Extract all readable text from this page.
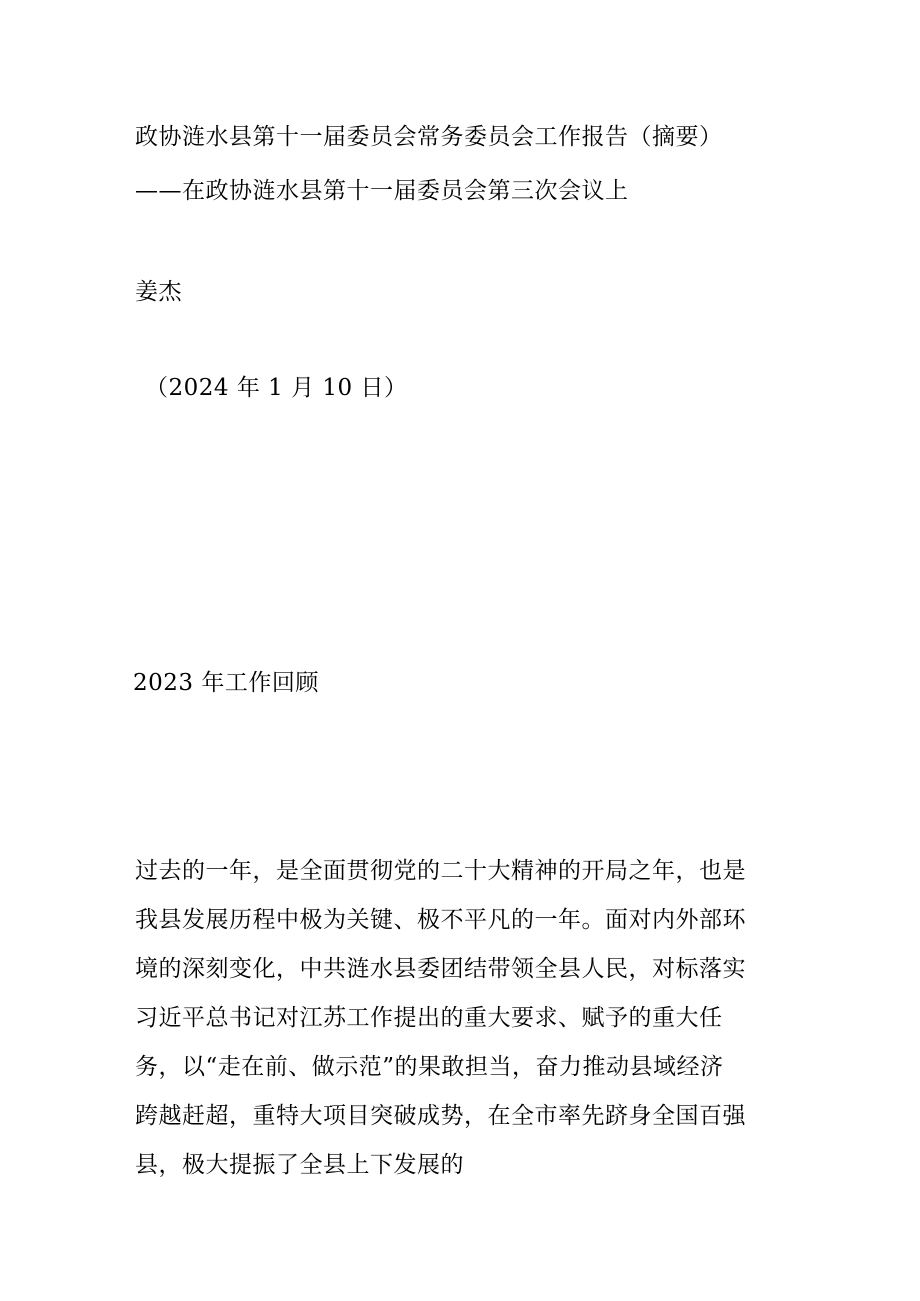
政协涟水县第十一届委员会常务委员会工作报告（摘要）
——在政协涟水县第十一届委员会第三次会议上
姜杰
（2024 年 1 月 10 日）
2023 年工作回顾
过去的一年，是全面贯彻党的二十大精神的开局之年，也是
我县发展历程中极为关键、极不平凡的一年。面对内外部环
境的深刻变化，中共涟水县委团结带领全县人民，对标落实
习近平总书记对江苏工作提出的重大要求、赋予的重大任
务，以“走在前、做示范”的果敢担当，奋力推动县域经济
跨越赶超，重特大项目突破成势，在全市率先跻身全国百强
县，极大提振了全县上下发展的
